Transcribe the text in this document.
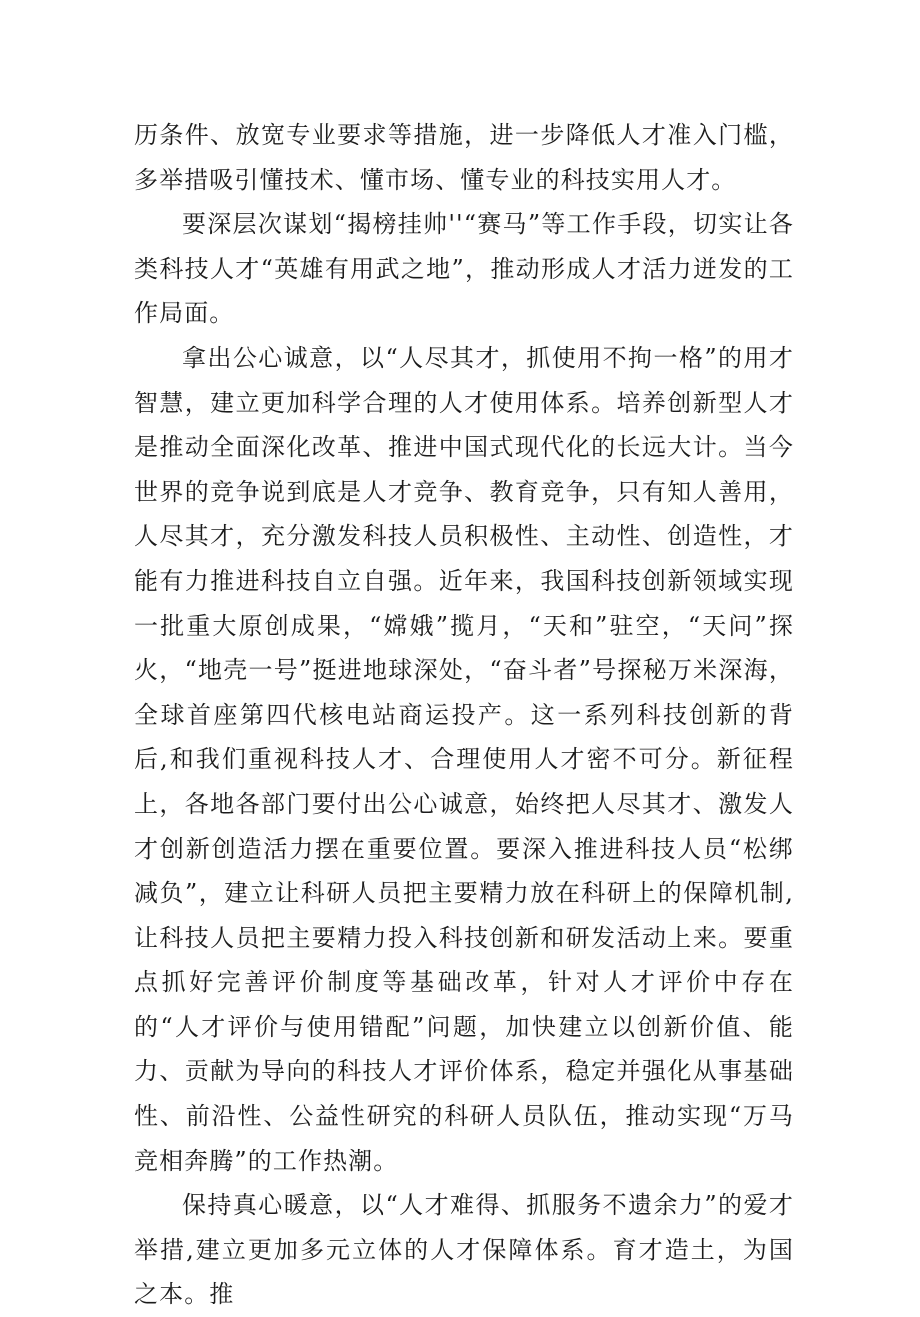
历条件、放宽专业要求等措施，进一步降低人才准入门槛，多举措吸引懂技术、懂市场、懂专业的科技实用人才。

要深层次谋划“揭榜挂帅''“赛马”等工作手段，切实让各类科技人才“英雄有用武之地”，推动形成人才活力迸发的工作局面。

拿出公心诚意，以“人尽其才，抓使用不拘一格”的用才智慧，建立更加科学合理的人才使用体系。培养创新型人才是推动全面深化改革、推进中国式现代化的长远大计。当今世界的竞争说到底是人才竞争、教育竞争，只有知人善用，人尽其才，充分激发科技人员积极性、主动性、创造性，才能有力推进科技自立自强。近年来，我国科技创新领域实现一批重大原创成果，“嫦娥”揽月，“天和”驻空，“天问”探火，“地壳一号”挺进地球深处，“奋斗者”号探秘万米深海，全球首座第四代核电站商运投产。这一系列科技创新的背后,和我们重视科技人才、合理使用人才密不可分。新征程上，各地各部门要付出公心诚意，始终把人尽其才、激发人才创新创造活力摆在重要位置。要深入推进科技人员“松绑减负”，建立让科研人员把主要精力放在科研上的保障机制,让科技人员把主要精力投入科技创新和研发活动上来。要重点抓好完善评价制度等基础改革，针对人才评价中存在的“人才评价与使用错配”问题，加快建立以创新价值、能力、贡献为导向的科技人才评价体系，稳定并强化从事基础性、前沿性、公益性研究的科研人员队伍，推动实现“万马竞相奔腾”的工作热潮。

保持真心暖意，以“人才难得、抓服务不遗余力”的爱才举措,建立更加多元立体的人才保障体系。育才造土，为国之本。推
